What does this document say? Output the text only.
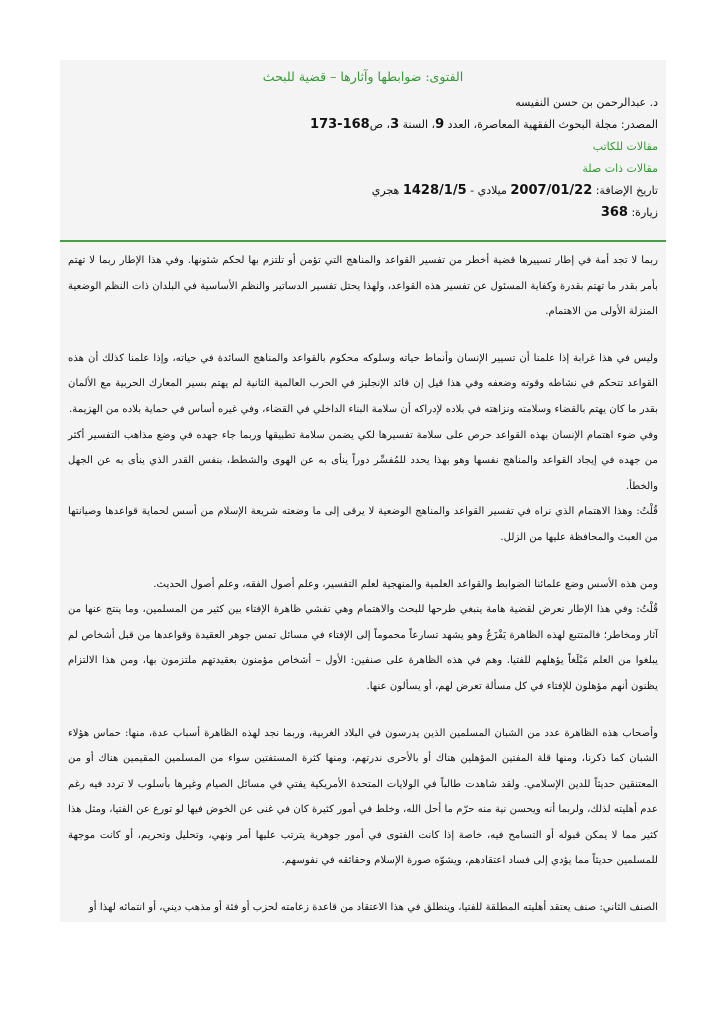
الفتوى: ضوابطها وآثارها – قضية للبحث
د. عبدالرحمن بن حسن النفيسه
المصدر: مجلة البحوث الفقهية المعاصرة، العدد 9، السنة 3، ص168-173
مقالات للكاتب
مقالات ذات صلة
تاريخ الإضافة: 2007/01/22 ميلادي - 1428/1/5 هجري
زيارة: 368

ربما لا تجد أمة في إطار تسييرها قضية أخطر من تفسير القواعد والمناهج التي تؤمن أو تلتزم بها لحكم شئونها. وفي هذا الإطار ربما لا تهتم بأمر بقدر ما تهتم بقدرة وكفاية المسئول عن تفسير هذه القواعد، ولهذا يحتل تفسير الدساتير والنظم الأساسية في البلدان ذات النظم الوضعية المنزلة الأولى من الاهتمام.

وليس في هذا غرابة إذا علمنا أن تسيير الإنسان وأنماط حياته وسلوكه محكوم بالقواعد والمناهج السائدة في حياته، وإذا علمنا كذلك أن هذه القواعد تتحكم في نشاطه وقوته وضعفه وفي هذا قيل إن قائد الإنجليز في الحرب العالمية الثانية لم يهتم بسير المعارك الحربية مع الألمان بقدر ما كان يهتم بالقضاء وسلامته ونزاهته في بلاده لإدراكه أن سلامة البناء الداخلي في القضاء، وفي غيره أساس في حماية بلاده من الهزيمة.

وفي ضوء اهتمام الإنسان بهذه القواعد حرص على سلامة تفسيرها لكي يضمن سلامة تطبيقها وربما جاء جهده في وضع مذاهب التفسير أكثر من جهده في إيجاد القواعد والمناهج نفسها وهو بهذا يحدد للمُفسِّر دوراً ينأى به عن الهوى والشطط، بنفس القدر الذي ينأى به عن الجهل والخطأ.

قُلْتُ: وهذا الاهتمام الذي نراه في تفسير القواعد والمناهج الوضعية لا يرقى إلى ما وضعته شريعة الإسلام من أسس لحماية قواعدها وصيانتها من العبث والمحافظة عليها من الزلل.

ومن هذه الأسس وضع علمائنا الضوابط والقواعد العلمية والمنهجية لعلم التفسير، وعلم أصول الفقه، وعلم أصول الحديث.

قُلْتُ: وفي هذا الإطار نعرض لقضية هامة ينبغي طرحها للبحث والاهتمام وهي تفشي ظاهرة الإفتاء بين كثير من المسلمين، وما ينتج عنها من آثار ومخاطر؛ فالمتتبع لهذه الظاهرة يَفْزَعُ وهو يشهد تسارعاً محموماً إلى الإفتاء في مسائل تمس جوهر العقيدة وقواعدها من قبل أشخاص لم يبلغوا من العلم مَبْلَغاً يؤهلهم للفتيا. وهم في هذه الظاهرة على صنفين: الأول – أشخاص مؤمنون بعقيدتهم ملتزمون بها، ومن هذا الالتزام يظنون أنهم مؤهلون للإفتاء في كل مسألة تعرض لهم، أو يسألون عنها.

وأصحاب هذه الظاهرة عدد من الشبان المسلمين الذين يدرسون في البلاد الغربية، وربما نجد لهذه الظاهرة أسباب عدة، منها: حماس هؤلاء الشبان كما ذكرنا، ومنها قلة المفتين المؤهلين هناك أو بالأحرى ندرتهم، ومنها كثرة المستفتين سواء من المسلمين المقيمين هناك أو من المعتنقين حديثاً للدين الإسلامي. ولقد شاهدت طالباً في الولايات المتحدة الأمريكية يفتي في مسائل الصيام وغيرها بأسلوب لا تردد فيه رغم عدم أهليته لذلك، ولربما أنه ويحسن نية منه حرّم ما أحل الله، وخلط في أمور كثيرة كان في غنى عن الخوض فيها لو تورع عن الفتيا، ومثل هذا كثير مما لا يمكن قبوله أو التسامح فيه، خاصة إذا كانت الفتوى في أمور جوهرية يترتب عليها أمر ونهي، وتحليل وتحريم، أو كانت موجهة للمسلمين حديثاً مما يؤدي إلى فساد اعتقادهم، ويشوّه صورة الإسلام وحقائقه في نفوسهم.

الصنف الثاني: صنف يعتقد أهليته المطلقة للفتيا، وينطلق في هذا الاعتقاد من قاعدة زعامته لحزب أو فئة أو مذهب ديني، أو انتمائه لهذا أو
